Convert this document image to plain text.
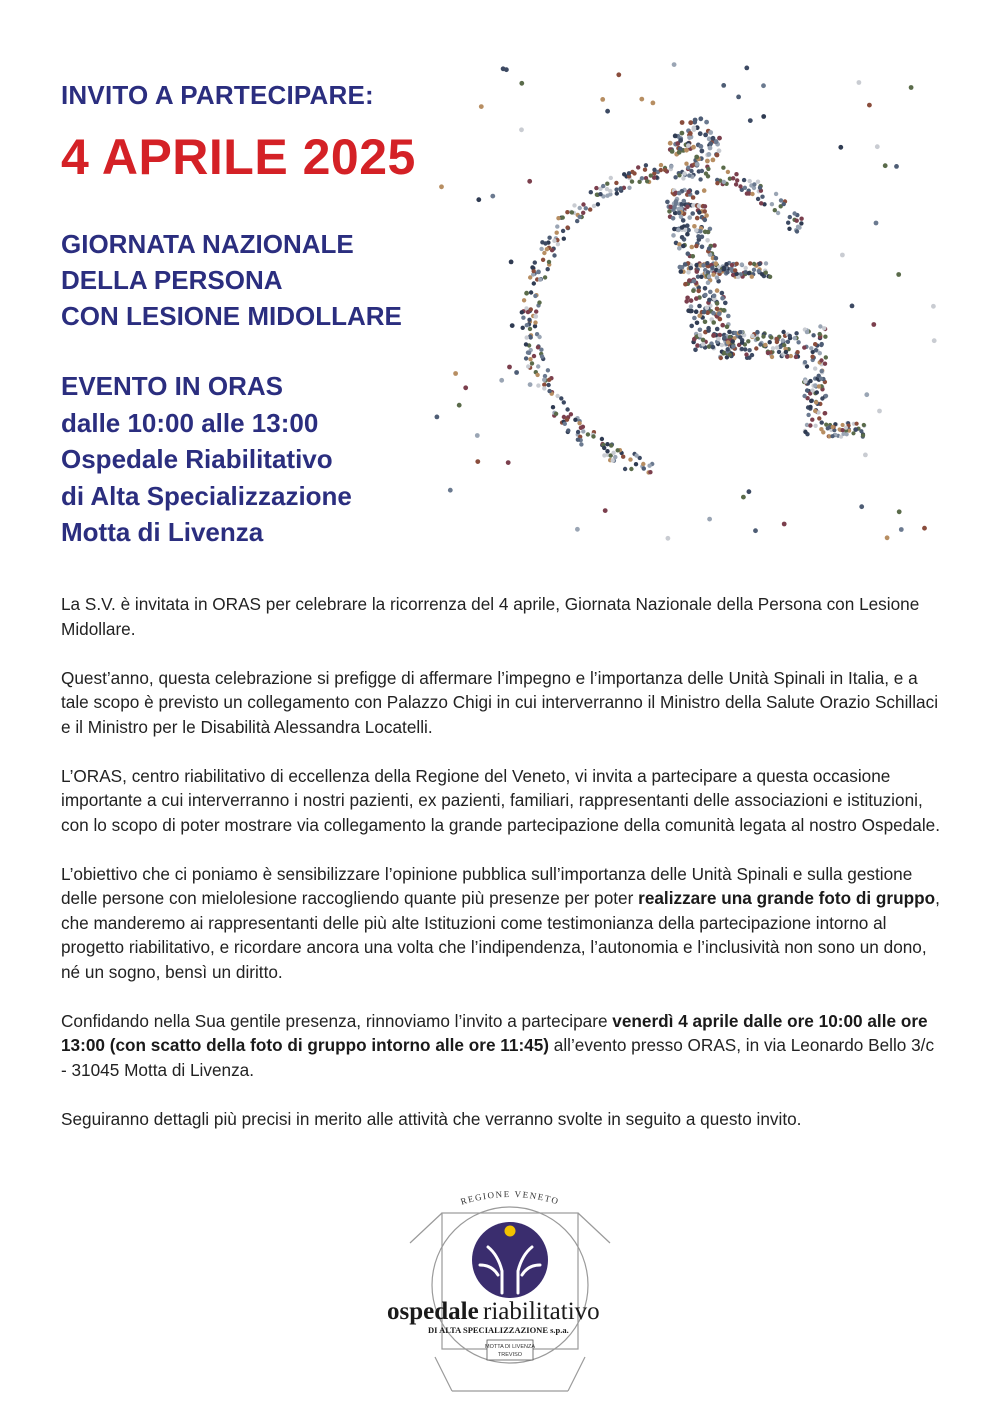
INVITO A PARTECIPARE:
4 APRILE 2025
GIORNATA NAZIONALE
DELLA PERSONA
CON LESIONE MIDOLLARE
EVENTO IN ORAS
dalle 10:00 alle 13:00
Ospedale Riabilitativo
di Alta Specializzazione
Motta di Livenza

La S.V. è invitata in ORAS per celebrare la ricorrenza del 4 aprile, Giornata Nazionale della Persona con Lesione Midollare.

Quest’anno, questa celebrazione si prefigge di affermare l’impegno e l’importanza delle Unità Spinali in Italia, e a tale scopo è previsto un collegamento con Palazzo Chigi in cui interverranno il Ministro della Salute Orazio Schillaci e il Ministro per le Disabilità Alessandra Locatelli.

L’ORAS, centro riabilitativo di eccellenza della Regione del Veneto, vi invita a partecipare a questa occasione importante a cui interverranno i nostri pazienti, ex pazienti, familiari, rappresentanti delle associazioni e istituzioni, con lo scopo di poter mostrare via collegamento la grande partecipazione della comunità legata al nostro Ospedale.

L’obiettivo che ci poniamo è sensibilizzare l’opinione pubblica sull’importanza delle Unità Spinali e sulla gestione delle persone con mielolesione raccogliendo quante più presenze per poter realizzare una grande foto di gruppo, che manderemo ai rappresentanti delle più alte Istituzioni come testimonianza della partecipazione intorno al progetto riabilitativo, e ricordare ancora una volta che l’indipendenza, l’autonomia e l’inclusività non sono un dono, né un sogno, bensì un diritto.

Confidando nella Sua gentile presenza, rinnoviamo l’invito a partecipare venerdì 4 aprile dalle ore 10:00 alle ore 13:00 (con scatto della foto di gruppo intorno alle ore 11:45) all’evento presso ORAS, in via Leonardo Bello 3/c - 31045 Motta di Livenza.

Seguiranno dettagli più precisi in merito alle attività che verranno svolte in seguito a questo invito.

REGIONE VENETO
ospedale riabilitativo
DI ALTA SPECIALIZZAZIONE s.p.a.
MOTTA DI LIVENZA
TREVISO
